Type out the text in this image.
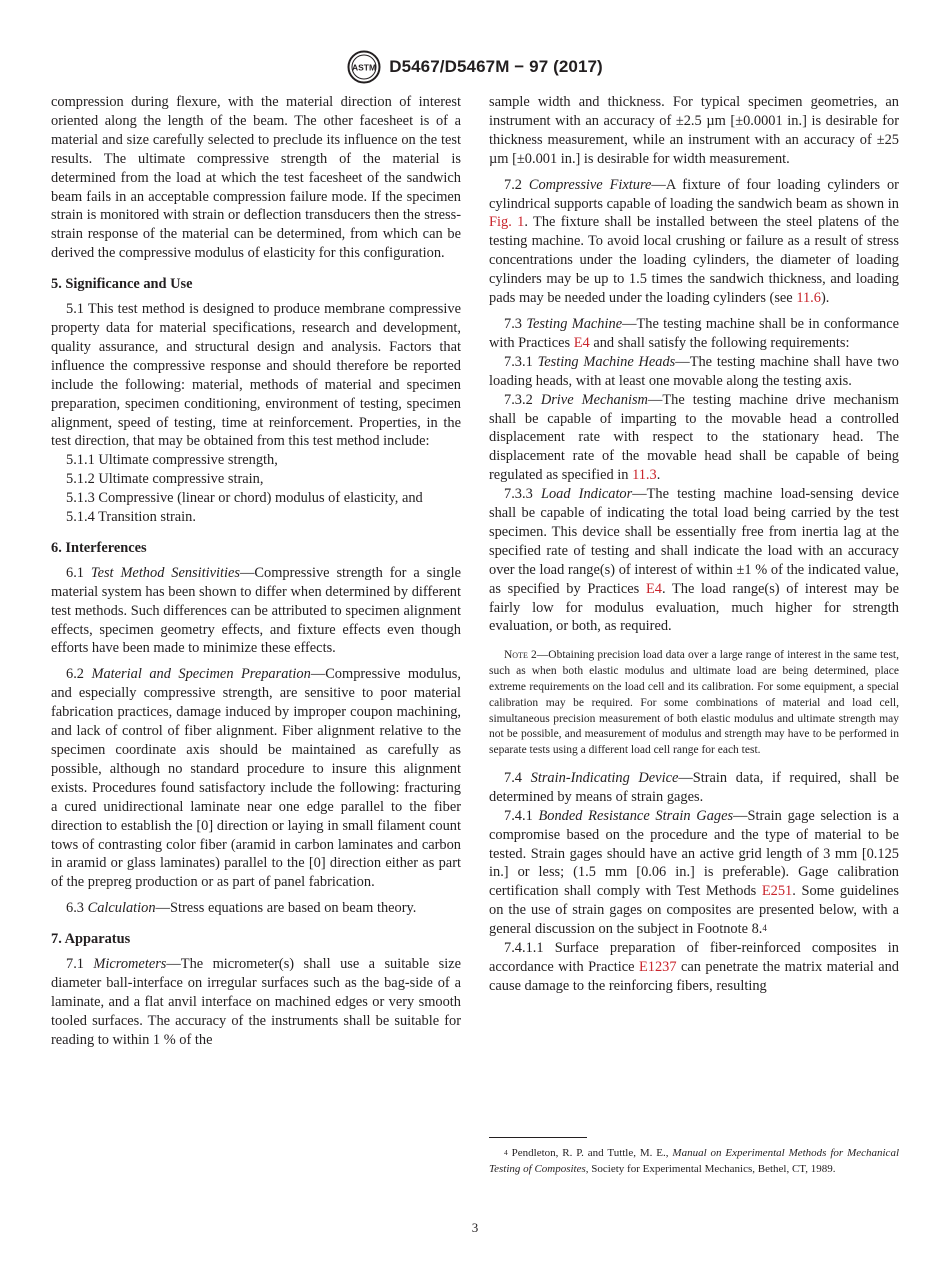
ASTM D5467/D5467M − 97 (2017)

compression during flexure, with the material direction of interest oriented along the length of the beam. The other facesheet is of a material and size carefully selected to preclude its influence on the test results. The ultimate compressive strength of the material is determined from the load at which the test facesheet of the sandwich beam fails in an acceptable compression failure mode. If the specimen strain is monitored with strain or deflection transducers then the stress-strain response of the material can be determined, from which can be derived the compressive modulus of elasticity for this configuration.

5. Significance and Use

5.1 This test method is designed to produce membrane compressive property data for material specifications, research and development, quality assurance, and structural design and analysis. Factors that influence the compressive response and should therefore be reported include the following: material, methods of material and specimen preparation, specimen conditioning, environment of testing, specimen alignment, speed of testing, time at reinforcement. Properties, in the test direction, that may be obtained from this test method include:

5.1.1 Ultimate compressive strength,

5.1.2 Ultimate compressive strain,

5.1.3 Compressive (linear or chord) modulus of elasticity, and

5.1.4 Transition strain.

6. Interferences

6.1 Test Method Sensitivities—Compressive strength for a single material system has been shown to differ when determined by different test methods. Such differences can be attributed to specimen alignment effects, specimen geometry effects, and fixture effects even though efforts have been made to minimize these effects.

6.2 Material and Specimen Preparation—Compressive modulus, and especially compressive strength, are sensitive to poor material fabrication practices, damage induced by improper coupon machining, and lack of control of fiber alignment. Fiber alignment relative to the specimen coordinate axis should be maintained as carefully as possible, although no standard procedure to insure this alignment exists. Procedures found satisfactory include the following: fracturing a cured unidirectional laminate near one edge parallel to the fiber direction to establish the [0] direction or laying in small filament count tows of contrasting color fiber (aramid in carbon laminates and carbon in aramid or glass laminates) parallel to the [0] direction either as part of the prepreg production or as part of panel fabrication.

6.3 Calculation—Stress equations are based on beam theory.

7. Apparatus

7.1 Micrometers—The micrometer(s) shall use a suitable size diameter ball-interface on irregular surfaces such as the bag-side of a laminate, and a flat anvil interface on machined edges or very smooth tooled surfaces. The accuracy of the instruments shall be suitable for reading to within 1 % of the

sample width and thickness. For typical specimen geometries, an instrument with an accuracy of ±2.5 µm [±0.0001 in.] is desirable for thickness measurement, while an instrument with an accuracy of ±25 µm [±0.001 in.] is desirable for width measurement.

7.2 Compressive Fixture—A fixture of four loading cylinders or cylindrical supports capable of loading the sandwich beam as shown in Fig. 1. The fixture shall be installed between the steel platens of the testing machine. To avoid local crushing or failure as a result of stress concentrations under the loading cylinders, the diameter of loading cylinders may be up to 1.5 times the sandwich thickness, and loading pads may be needed under the loading cylinders (see 11.6).

7.3 Testing Machine—The testing machine shall be in conformance with Practices E4 and shall satisfy the following requirements:

7.3.1 Testing Machine Heads—The testing machine shall have two loading heads, with at least one movable along the testing axis.

7.3.2 Drive Mechanism—The testing machine drive mechanism shall be capable of imparting to the movable head a controlled displacement rate with respect to the stationary head. The displacement rate of the movable head shall be capable of being regulated as specified in 11.3.

7.3.3 Load Indicator—The testing machine load-sensing device shall be capable of indicating the total load being carried by the test specimen. This device shall be essentially free from inertia lag at the specified rate of testing and shall indicate the load with an accuracy over the load range(s) of interest of within ±1 % of the indicated value, as specified by Practices E4. The load range(s) of interest may be fairly low for modulus evaluation, much higher for strength evaluation, or both, as required.

Note 2—Obtaining precision load data over a large range of interest in the same test, such as when both elastic modulus and ultimate load are being determined, place extreme requirements on the load cell and its calibration. For some equipment, a special calibration may be required. For some combinations of material and load cell, simultaneous precision measurement of both elastic modulus and ultimate strength may not be possible, and measurement of modulus and strength may have to be performed in separate tests using a different load cell range for each test.

7.4 Strain-Indicating Device—Strain data, if required, shall be determined by means of strain gages.

7.4.1 Bonded Resistance Strain Gages—Strain gage selection is a compromise based on the procedure and the type of material to be tested. Strain gages should have an active grid length of 3 mm [0.125 in.] or less; (1.5 mm [0.06 in.] is preferable). Gage calibration certification shall comply with Test Methods E251. Some guidelines on the use of strain gages on composites are presented below, with a general discussion on the subject in Footnote 8.$^4$

7.4.1.1 Surface preparation of fiber-reinforced composites in accordance with Practice E1237 can penetrate the matrix material and cause damage to the reinforcing fibers, resulting

$^4$ Pendleton, R. P. and Tuttle, M. E., Manual on Experimental Methods for Mechanical Testing of Composites, Society for Experimental Mechanics, Bethel, CT, 1989.

3
